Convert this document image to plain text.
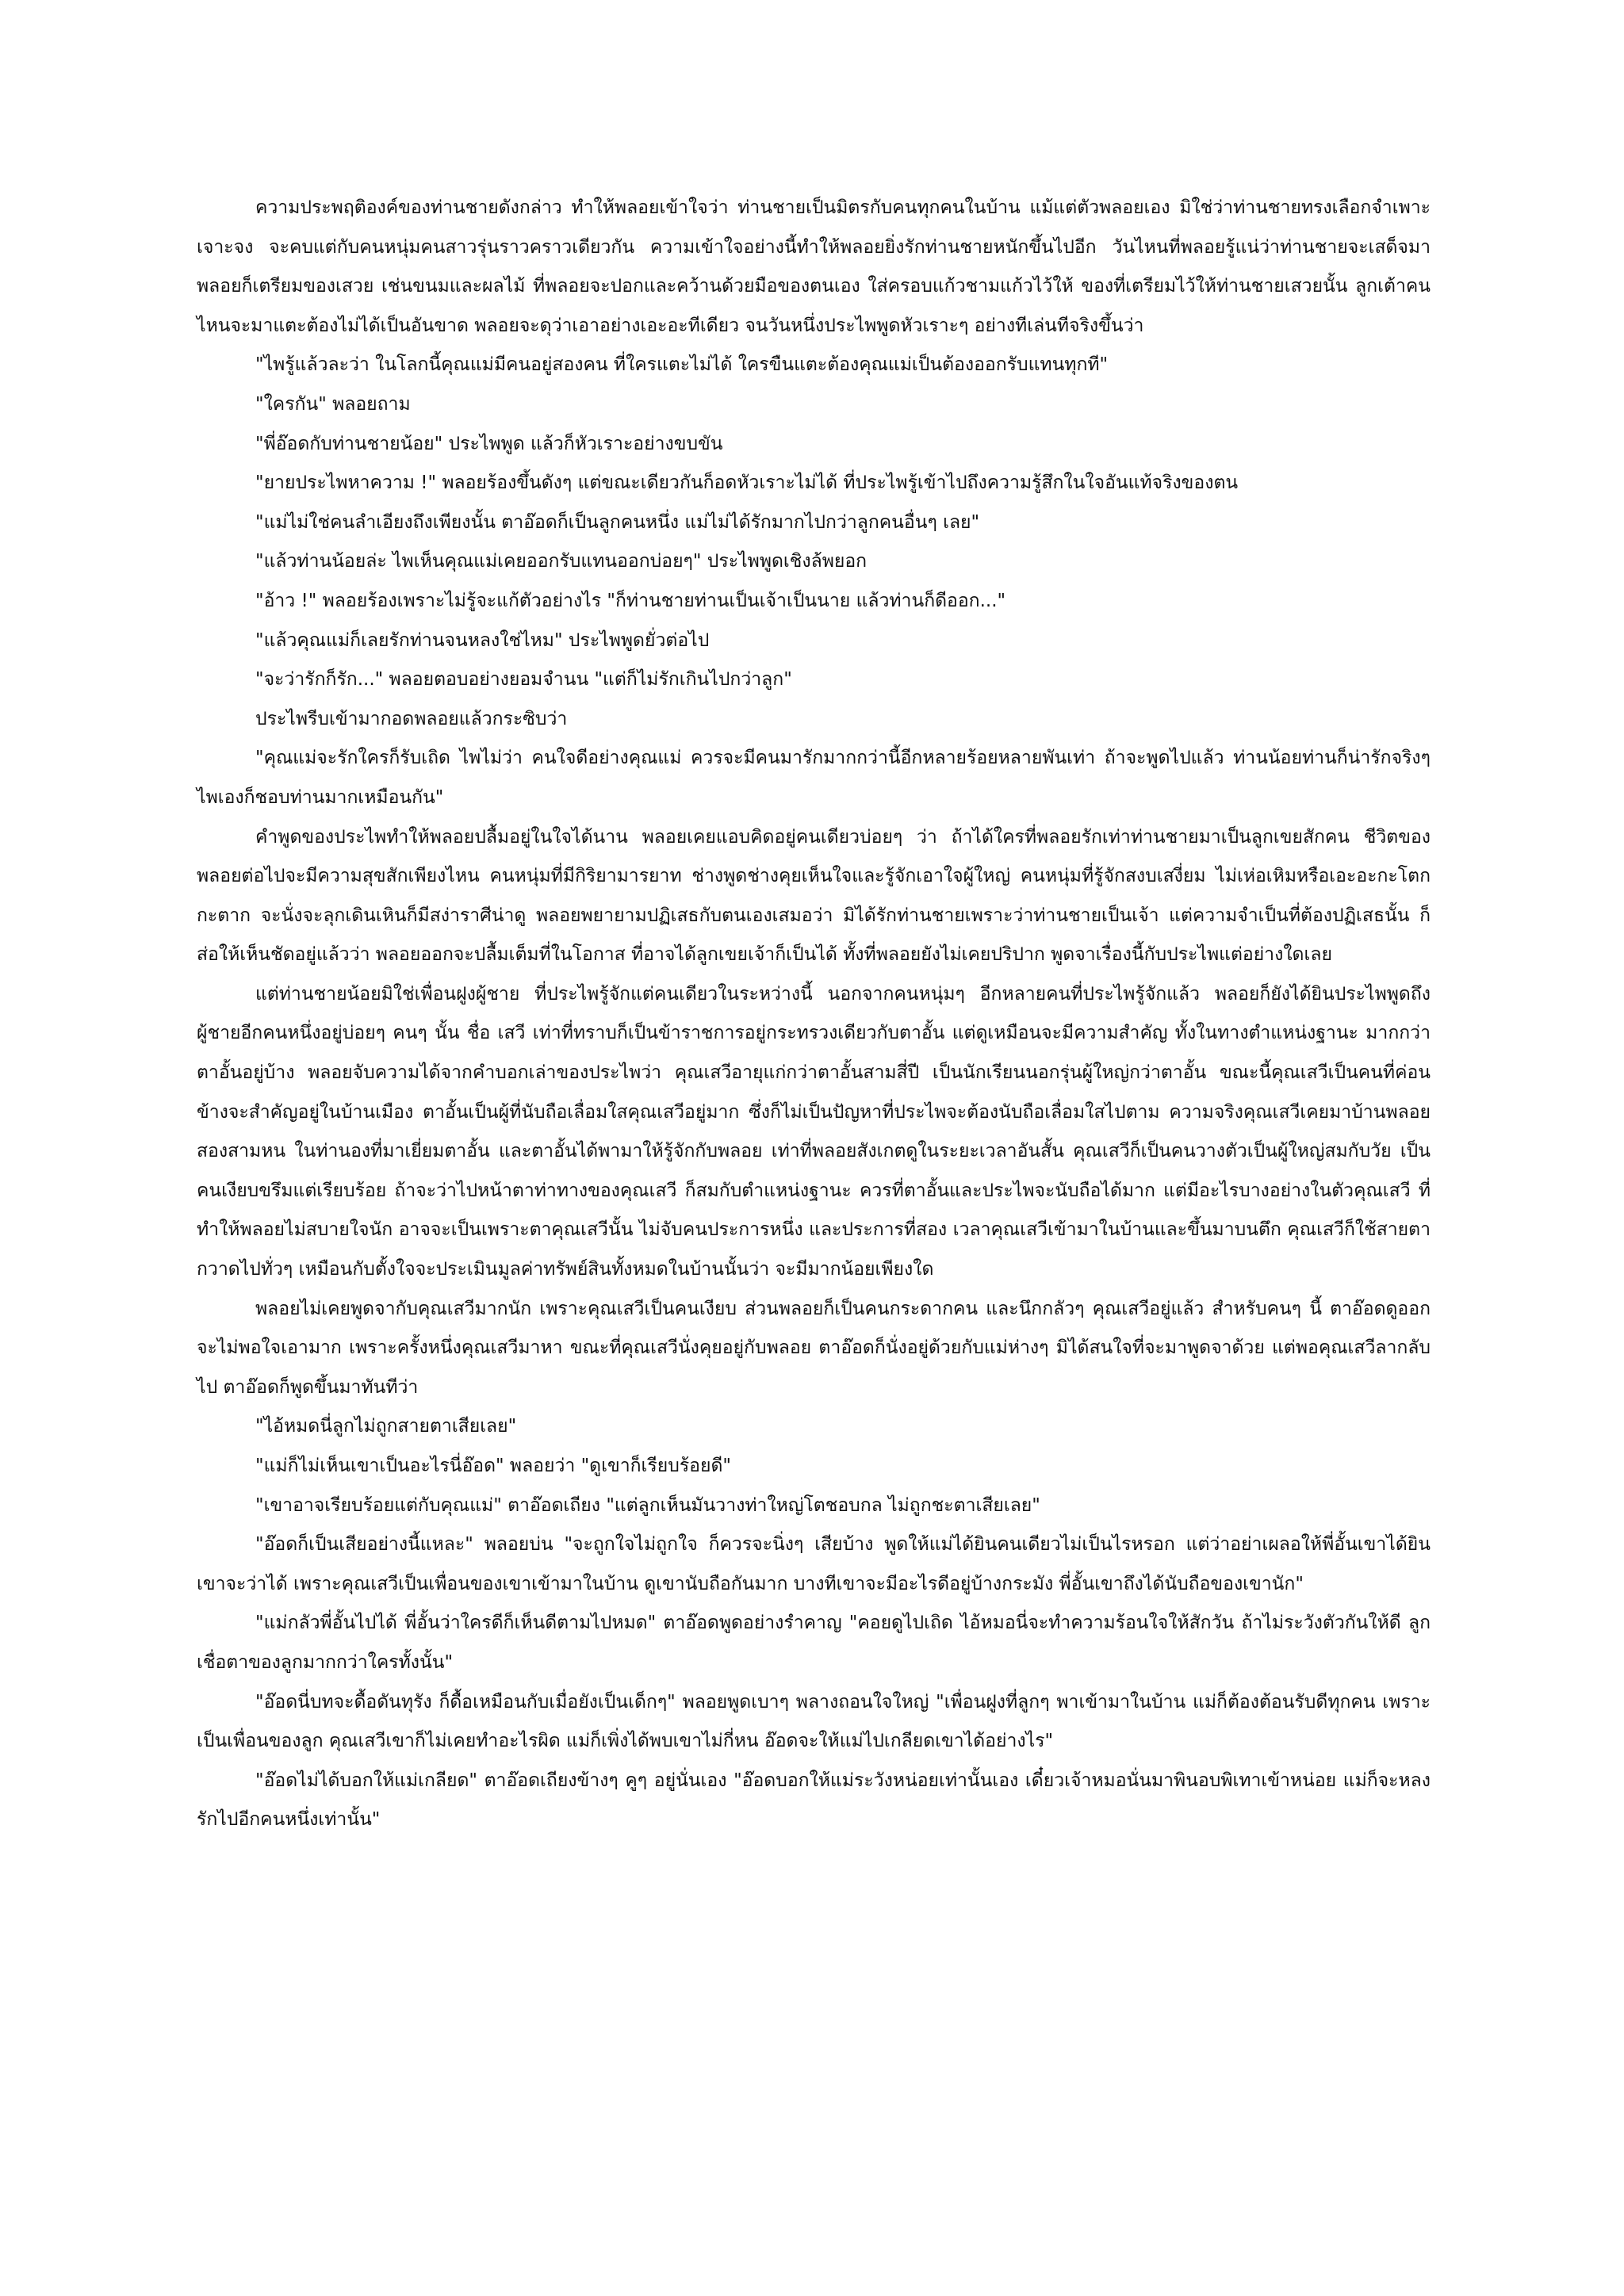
ความประพฤติองค์ของท่านชายดังกล่าว ทำให้พลอยเข้าใจว่า ท่านชายเป็นมิตรกับคนทุกคนในบ้าน แม้แต่ตัวพลอยเอง มิใช่ว่าท่านชายทรงเลือกจำเพาะเจาะจง จะคบแต่กับคนหนุ่มคนสาวรุ่นราวคราวเดียวกัน ความเข้าใจอย่างนี้ทำให้พลอยยิ่งรักท่านชายหนักขึ้นไปอีก วันไหนที่พลอยรู้แน่ว่าท่านชายจะเสด็จมา พลอยก็เตรียมของเสวย เช่นขนมและผลไม้ ที่พลอยจะปอกและคว้านด้วยมือของตนเอง ใส่ครอบแก้วชามแก้วไว้ให้ ของที่เตรียมไว้ให้ท่านชายเสวยนั้น ลูกเต้าคนไหนจะมาแตะต้องไม่ได้เป็นอันขาด พลอยจะดุว่าเอาอย่างเอะอะทีเดียว จนวันหนึ่งประไพพูดหัวเราะๆ อย่างทีเล่นทีจริงขึ้นว่า

"ไพรู้แล้วละว่า ในโลกนี้คุณแม่มีคนอยู่สองคน ที่ใครแตะไม่ได้ ใครขืนแตะต้องคุณแม่เป็นต้องออกรับแทนทุกที"

"ใครกัน" พลอยถาม

"พี่อ๊อดกับท่านชายน้อย" ประไพพูด แล้วก็หัวเราะอย่างขบขัน

"ยายประไพหาความ !" พลอยร้องขึ้นดังๆ แต่ขณะเดียวกันก็อดหัวเราะไม่ได้ ที่ประไพรู้เข้าไปถึงความรู้สึกในใจอันแท้จริงของตน

"แม่ไม่ใช่คนลำเอียงถึงเพียงนั้น ตาอ๊อดก็เป็นลูกคนหนึ่ง แม่ไม่ได้รักมากไปกว่าลูกคนอื่นๆ เลย"

"แล้วท่านน้อยล่ะ ไพเห็นคุณแม่เคยออกรับแทนออกบ่อยๆ" ประไพพูดเชิงล้พยอก

"อ้าว !" พลอยร้องเพราะไม่รู้จะแก้ตัวอย่างไร "ก็ท่านชายท่านเป็นเจ้าเป็นนาย แล้วท่านก็ดีออก..."

"แล้วคุณแม่ก็เลยรักท่านจนหลงใช่ไหม" ประไพพูดยั่วต่อไป

"จะว่ารักก็รัก..." พลอยตอบอย่างยอมจำนน "แต่ก็ไม่รักเกินไปกว่าลูก"

ประไพรีบเข้ามากอดพลอยแล้วกระซิบว่า

"คุณแม่จะรักใครก็รับเถิด ไพไม่ว่า คนใจดีอย่างคุณแม่ ควรจะมีคนมารักมากกว่านี้อีกหลายร้อยหลายพันเท่า ถ้าจะพูดไปแล้ว ท่านน้อยท่านก็น่ารักจริงๆ ไพเองก็ชอบท่านมากเหมือนกัน"

คำพูดของประไพทำให้พลอยปลื้มอยู่ในใจได้นาน พลอยเคยแอบคิดอยู่คนเดียวบ่อยๆ ว่า ถ้าได้ใครที่พลอยรักเท่าท่านชายมาเป็นลูกเขยสักคน ชีวิตของพลอยต่อไปจะมีความสุขสักเพียงไหน คนหนุ่มที่มีกิริยามารยาท ช่างพูดช่างคุยเห็นใจและรู้จักเอาใจผู้ใหญ่ คนหนุ่มที่รู้จักสงบเสงี่ยม ไม่เห่อเหิมหรือเอะอะกะโตกกะตาก จะนั่งจะลุกเดินเหินก็มีสง่าราศีน่าดู พลอยพยายามปฏิเสธกับตนเองเสมอว่า มิได้รักท่านชายเพราะว่าท่านชายเป็นเจ้า แต่ความจำเป็นที่ต้องปฏิเสธนั้น ก็ส่อให้เห็นชัดอยู่แล้วว่า พลอยออกจะปลื้มเต็มที่ในโอกาส ที่อาจได้ลูกเขยเจ้าก็เป็นได้ ทั้งที่พลอยยังไม่เคยปริปาก พูดจาเรื่องนี้กับประไพแต่อย่างใดเลย

แต่ท่านชายน้อยมิใช่เพื่อนฝูงผู้ชาย ที่ประไพรู้จักแต่คนเดียวในระหว่างนี้ นอกจากคนหนุ่มๆ อีกหลายคนที่ประไพรู้จักแล้ว พลอยก็ยังได้ยินประไพพูดถึงผู้ชายอีกคนหนึ่งอยู่บ่อยๆ คนๆ นั้น ชื่อ เสวี เท่าที่ทราบก็เป็นข้าราชการอยู่กระทรวงเดียวกับตาอั้น แต่ดูเหมือนจะมีความสำคัญ ทั้งในทางตำแหน่งฐานะ มากกว่าตาอั้นอยู่บ้าง พลอยจับความได้จากคำบอกเล่าของประไพว่า คุณเสวีอายุแก่กว่าตาอั้นสามสี่ปี เป็นนักเรียนนอกรุ่นผู้ใหญ่กว่าตาอั้น ขณะนี้คุณเสวีเป็นคนที่ค่อนข้างจะสำคัญอยู่ในบ้านเมือง ตาอั้นเป็นผู้ที่นับถือเลื่อมใสคุณเสวีอยู่มาก ซึ่งก็ไม่เป็นปัญหาที่ประไพจะต้องนับถือเลื่อมใสไปตาม ความจริงคุณเสวีเคยมาบ้านพลอยสองสามหน ในท่านองที่มาเยี่ยมตาอั้น และตาอั้นได้พามาให้รู้จักกับพลอย เท่าที่พลอยสังเกตดูในระยะเวลาอันสั้น คุณเสวีก็เป็นคนวางตัวเป็นผู้ใหญ่สมกับวัย เป็นคนเงียบขรึมแต่เรียบร้อย ถ้าจะว่าไปหน้าตาท่าทางของคุณเสวี ก็สมกับตำแหน่งฐานะ ควรที่ตาอั้นและประไพจะนับถือได้มาก แต่มีอะไรบางอย่างในตัวคุณเสวี ที่ทำให้พลอยไม่สบายใจนัก อาจจะเป็นเพราะตาคุณเสวีนั้น ไม่จับคนประการหนึ่ง และประการที่สอง เวลาคุณเสวีเข้ามาในบ้านและขึ้นมาบนตึก คุณเสวีก็ใช้สายตากวาดไปทั่วๆ เหมือนกับตั้งใจจะประเมินมูลค่าทรัพย์สินทั้งหมดในบ้านนั้นว่า จะมีมากน้อยเพียงใด

พลอยไม่เคยพูดจากับคุณเสวีมากนัก เพราะคุณเสวีเป็นคนเงียบ ส่วนพลอยก็เป็นคนกระดากคน และนึกกลัวๆ คุณเสวีอยู่แล้ว สำหรับคนๆ นี้ ตาอ๊อดดูออกจะไม่พอใจเอามาก เพราะครั้งหนึ่งคุณเสวีมาหา ขณะที่คุณเสวีนั่งคุยอยู่กับพลอย ตาอ๊อดก็นั่งอยู่ด้วยกับแม่ห่างๆ มิได้สนใจที่จะมาพูดจาด้วย แต่พอคุณเสวีลากลับไป ตาอ๊อดก็พูดขึ้นมาทันทีว่า

"ไอ้หมดนี่ลูกไม่ถูกสายตาเสียเลย"

"แม่ก็ไม่เห็นเขาเป็นอะไรนี่อ๊อด" พลอยว่า "ดูเขาก็เรียบร้อยดี"

"เขาอาจเรียบร้อยแต่กับคุณแม่" ตาอ๊อดเถียง "แต่ลูกเห็นมันวางท่าใหญ่โตชอบกล ไม่ถูกชะตาเสียเลย"

"อ๊อดก็เป็นเสียอย่างนี้แหละ" พลอยบ่น "จะถูกใจไม่ถูกใจ ก็ควรจะนิ่งๆ เสียบ้าง พูดให้แม่ได้ยินคนเดียวไม่เป็นไรหรอก แต่ว่าอย่าเผลอให้พี่อั้นเขาได้ยิน เขาจะว่าได้ เพราะคุณเสวีเป็นเพื่อนของเขาเข้ามาในบ้าน ดูเขานับถือกันมาก บางทีเขาจะมีอะไรดีอยู่บ้างกระมัง พี่อั้นเขาถึงได้นับถือของเขานัก"

"แม่กลัวพี่อั้นไปได้ พี่อั้นว่าใครดีก็เห็นดีตามไปหมด" ตาอ๊อดพูดอย่างรำคาญ "คอยดูไปเถิด ไอ้หมอนี่จะทำความร้อนใจให้สักวัน ถ้าไม่ระวังตัวกันให้ดี ลูกเชื่อตาของลูกมากกว่าใครทั้งนั้น"

"อ๊อดนี่บทจะดื้อดันทุรัง ก็ดื้อเหมือนกับเมื่อยังเป็นเด็กๆ" พลอยพูดเบาๆ พลางถอนใจใหญ่ "เพื่อนฝูงที่ลูกๆ พาเข้ามาในบ้าน แม่ก็ต้องต้อนรับดีทุกคน เพราะเป็นเพื่อนของลูก คุณเสวีเขาก็ไม่เคยทำอะไรผิด แม่ก็เพิ่งได้พบเขาไม่กี่หน อ๊อดจะให้แม่ไปเกลียดเขาได้อย่างไร"

"อ๊อดไม่ได้บอกให้แม่เกลียด" ตาอ๊อดเถียงข้างๆ คูๆ อยู่นั่นเอง "อ๊อดบอกให้แม่ระวังหน่อยเท่านั้นเอง เดี๋ยวเจ้าหมอนั่นมาพินอบพิเทาเข้าหน่อย แม่ก็จะหลงรักไปอีกคนหนึ่งเท่านั้น"
